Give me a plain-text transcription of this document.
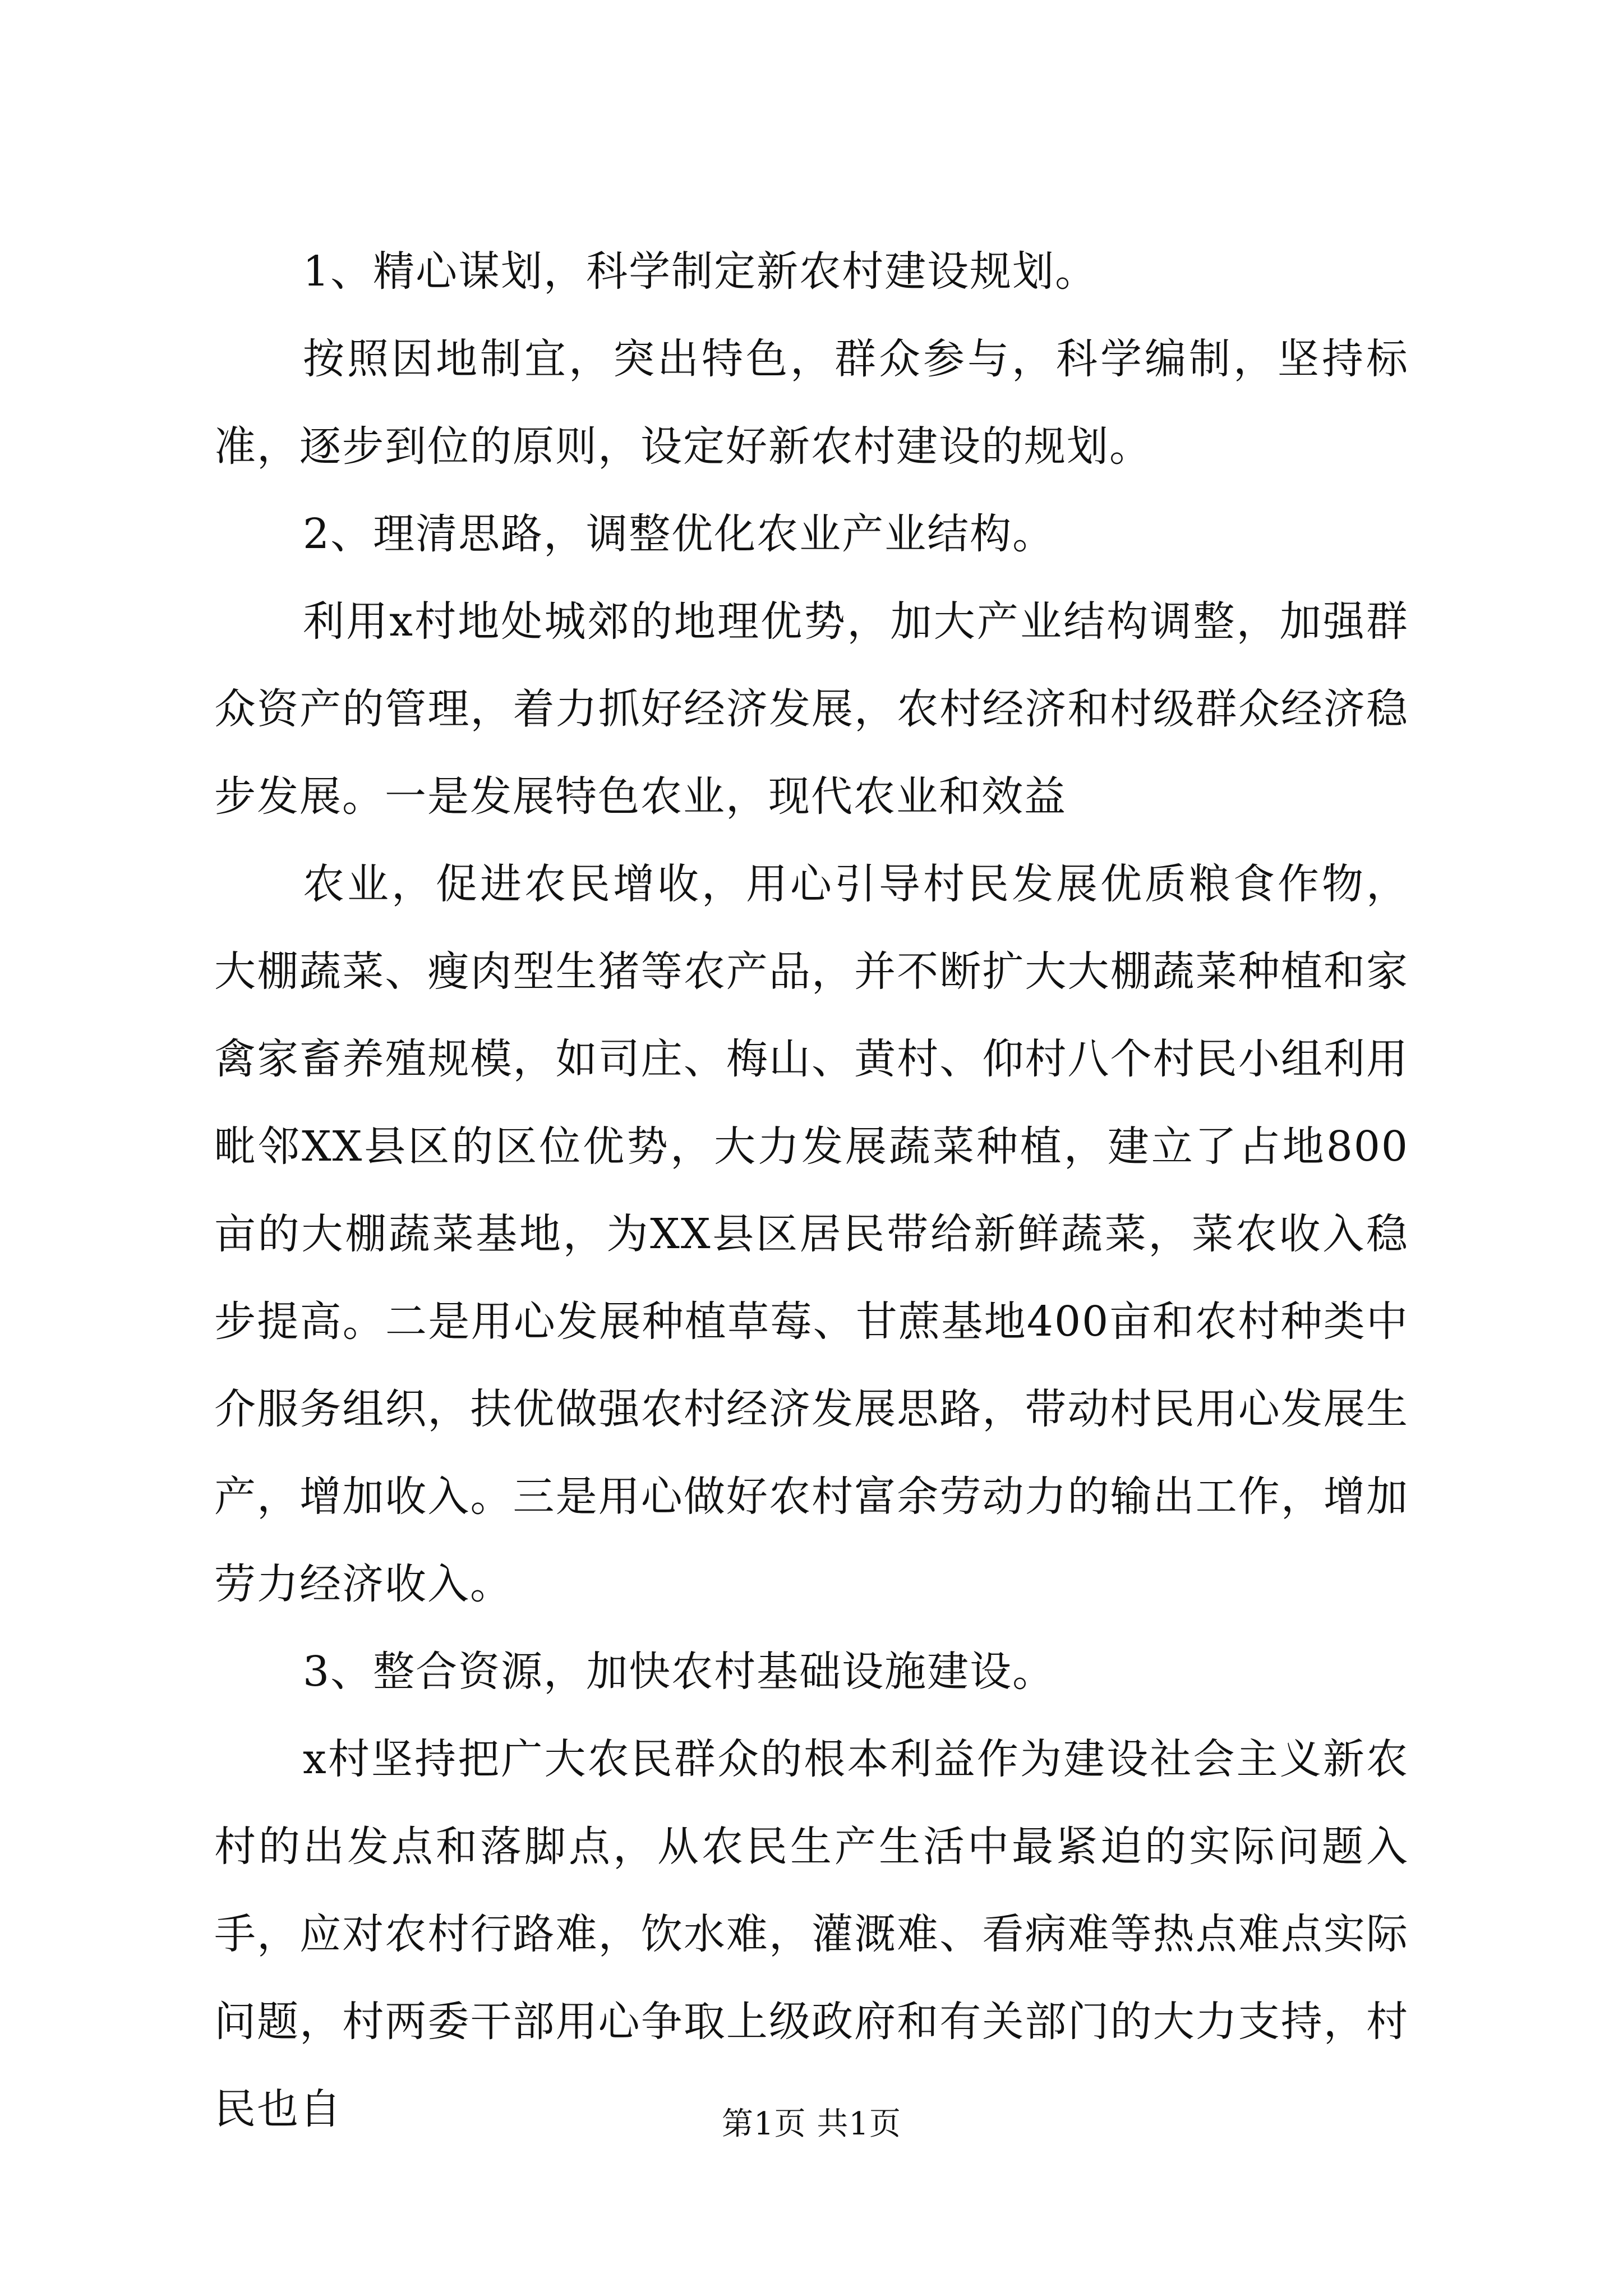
1、精心谋划，科学制定新农村建设规划。

按照因地制宜，突出特色，群众参与，科学编制，坚持标准，逐步到位的原则，设定好新农村建设的规划。

2、理清思路，调整优化农业产业结构。

利用x村地处城郊的地理优势，加大产业结构调整，加强群众资产的管理，着力抓好经济发展，农村经济和村级群众经济稳步发展。一是发展特色农业，现代农业和效益

农业，促进农民增收，用心引导村民发展优质粮食作物，大棚蔬菜、瘦肉型生猪等农产品，并不断扩大大棚蔬菜种植和家禽家畜养殖规模，如司庄、梅山、黄村、仰村八个村民小组利用毗邻XX县区的区位优势，大力发展蔬菜种植，建立了占地800亩的大棚蔬菜基地，为XX县区居民带给新鲜蔬菜，菜农收入稳步提高。二是用心发展种植草莓、甘蔗基地400亩和农村种类中介服务组织，扶优做强农村经济发展思路，带动村民用心发展生产，增加收入。三是用心做好农村富余劳动力的输出工作，增加劳力经济收入。

3、整合资源，加快农村基础设施建设。

x村坚持把广大农民群众的根本利益作为建设社会主义新农村的出发点和落脚点，从农民生产生活中最紧迫的实际问题入手，应对农村行路难，饮水难，灌溉难、看病难等热点难点实际问题，村两委干部用心争取上级政府和有关部门的大力支持，村民也自	第1页 共1页
